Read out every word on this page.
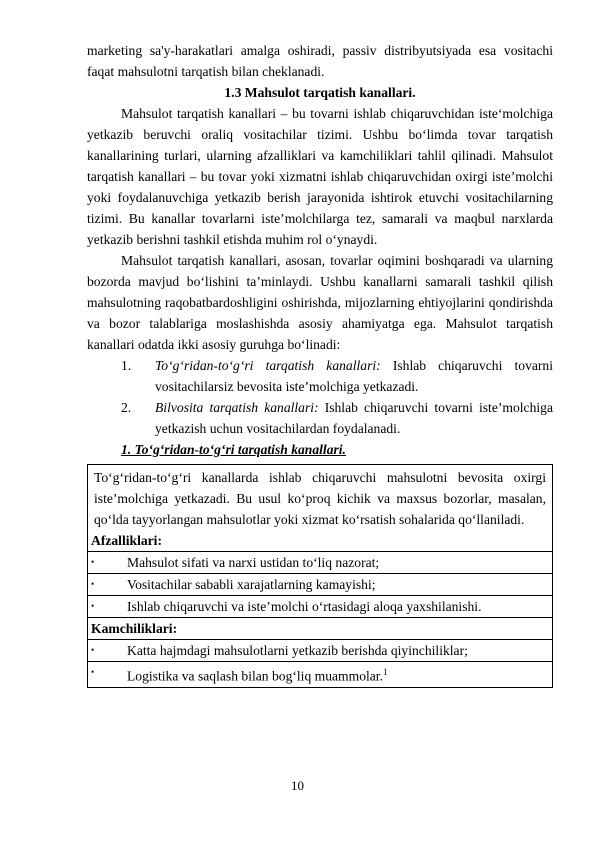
marketing sa'y-harakatlari amalga oshiradi, passiv distribyutsiyada esa vositachi faqat mahsulotni tarqatish bilan cheklanadi.

1.3 Mahsulot tarqatish kanallari.

Mahsulot tarqatish kanallari – bu tovarni ishlab chiqaruvchidan iste‘molchiga yetkazib beruvchi oraliq vositachilar tizimi. Ushbu bo‘limda tovar tarqatish kanallarining turlari, ularning afzalliklari va kamchiliklari tahlil qilinadi. Mahsulot tarqatish kanallari – bu tovar yoki xizmatni ishlab chiqaruvchidan oxirgi iste’molchi yoki foydalanuvchiga yetkazib berish jarayonida ishtirok etuvchi vositachilarning tizimi. Bu kanallar tovarlarni iste’molchilarga tez, samarali va maqbul narxlarda yetkazib berishni tashkil etishda muhim rol o‘ynaydi.

Mahsulot tarqatish kanallari, asosan, tovarlar oqimini boshqaradi va ularning bozorda mavjud bo‘lishini ta’minlaydi. Ushbu kanallarni samarali tashkil qilish mahsulotning raqobatbardoshligini oshirishda, mijozlarning ehtiyojlarini qondirishda va bozor talablariga moslashishda asosiy ahamiyatga ega. Mahsulot tarqatish kanallari odatda ikki asosiy guruhga bo‘linadi:

1.	To‘g‘ridan-to‘g‘ri tarqatish kanallari: Ishlab chiqaruvchi tovarni vositachilarsiz bevosita iste’molchiga yetkazadi.
2.	Bilvosita tarqatish kanallari: Ishlab chiqaruvchi tovarni iste’molchiga yetkazish uchun vositachilardan foydalanadi.
1. To‘g‘ridan-to‘g‘ri tarqatish kanallari.
To‘g‘ridan-to‘g‘ri kanallarda ishlab chiqaruvchi mahsulotni bevosita oxirgi iste’molchiga yetkazadi. Bu usul ko‘proq kichik va maxsus bozorlar, masalan, qo‘lda tayyorlangan mahsulotlar yoki xizmat ko‘rsatish sohalarida qo‘llaniladi.
Afzalliklari:

•	Mahsulot sifati va narxi ustidan to‘liq nazorat;

•	Vositachilar sababli xarajatlarning kamayishi;

•	Ishlab chiqaruvchi va iste’molchi o‘rtasidagi aloqa yaxshilanishi.

Kamchiliklari:

•	Katta hajmdagi mahsulotlarni yetkazib berishda qiyinchiliklar;

•	Logistika va saqlash bilan bog‘liq muammolar.$^1$
10
